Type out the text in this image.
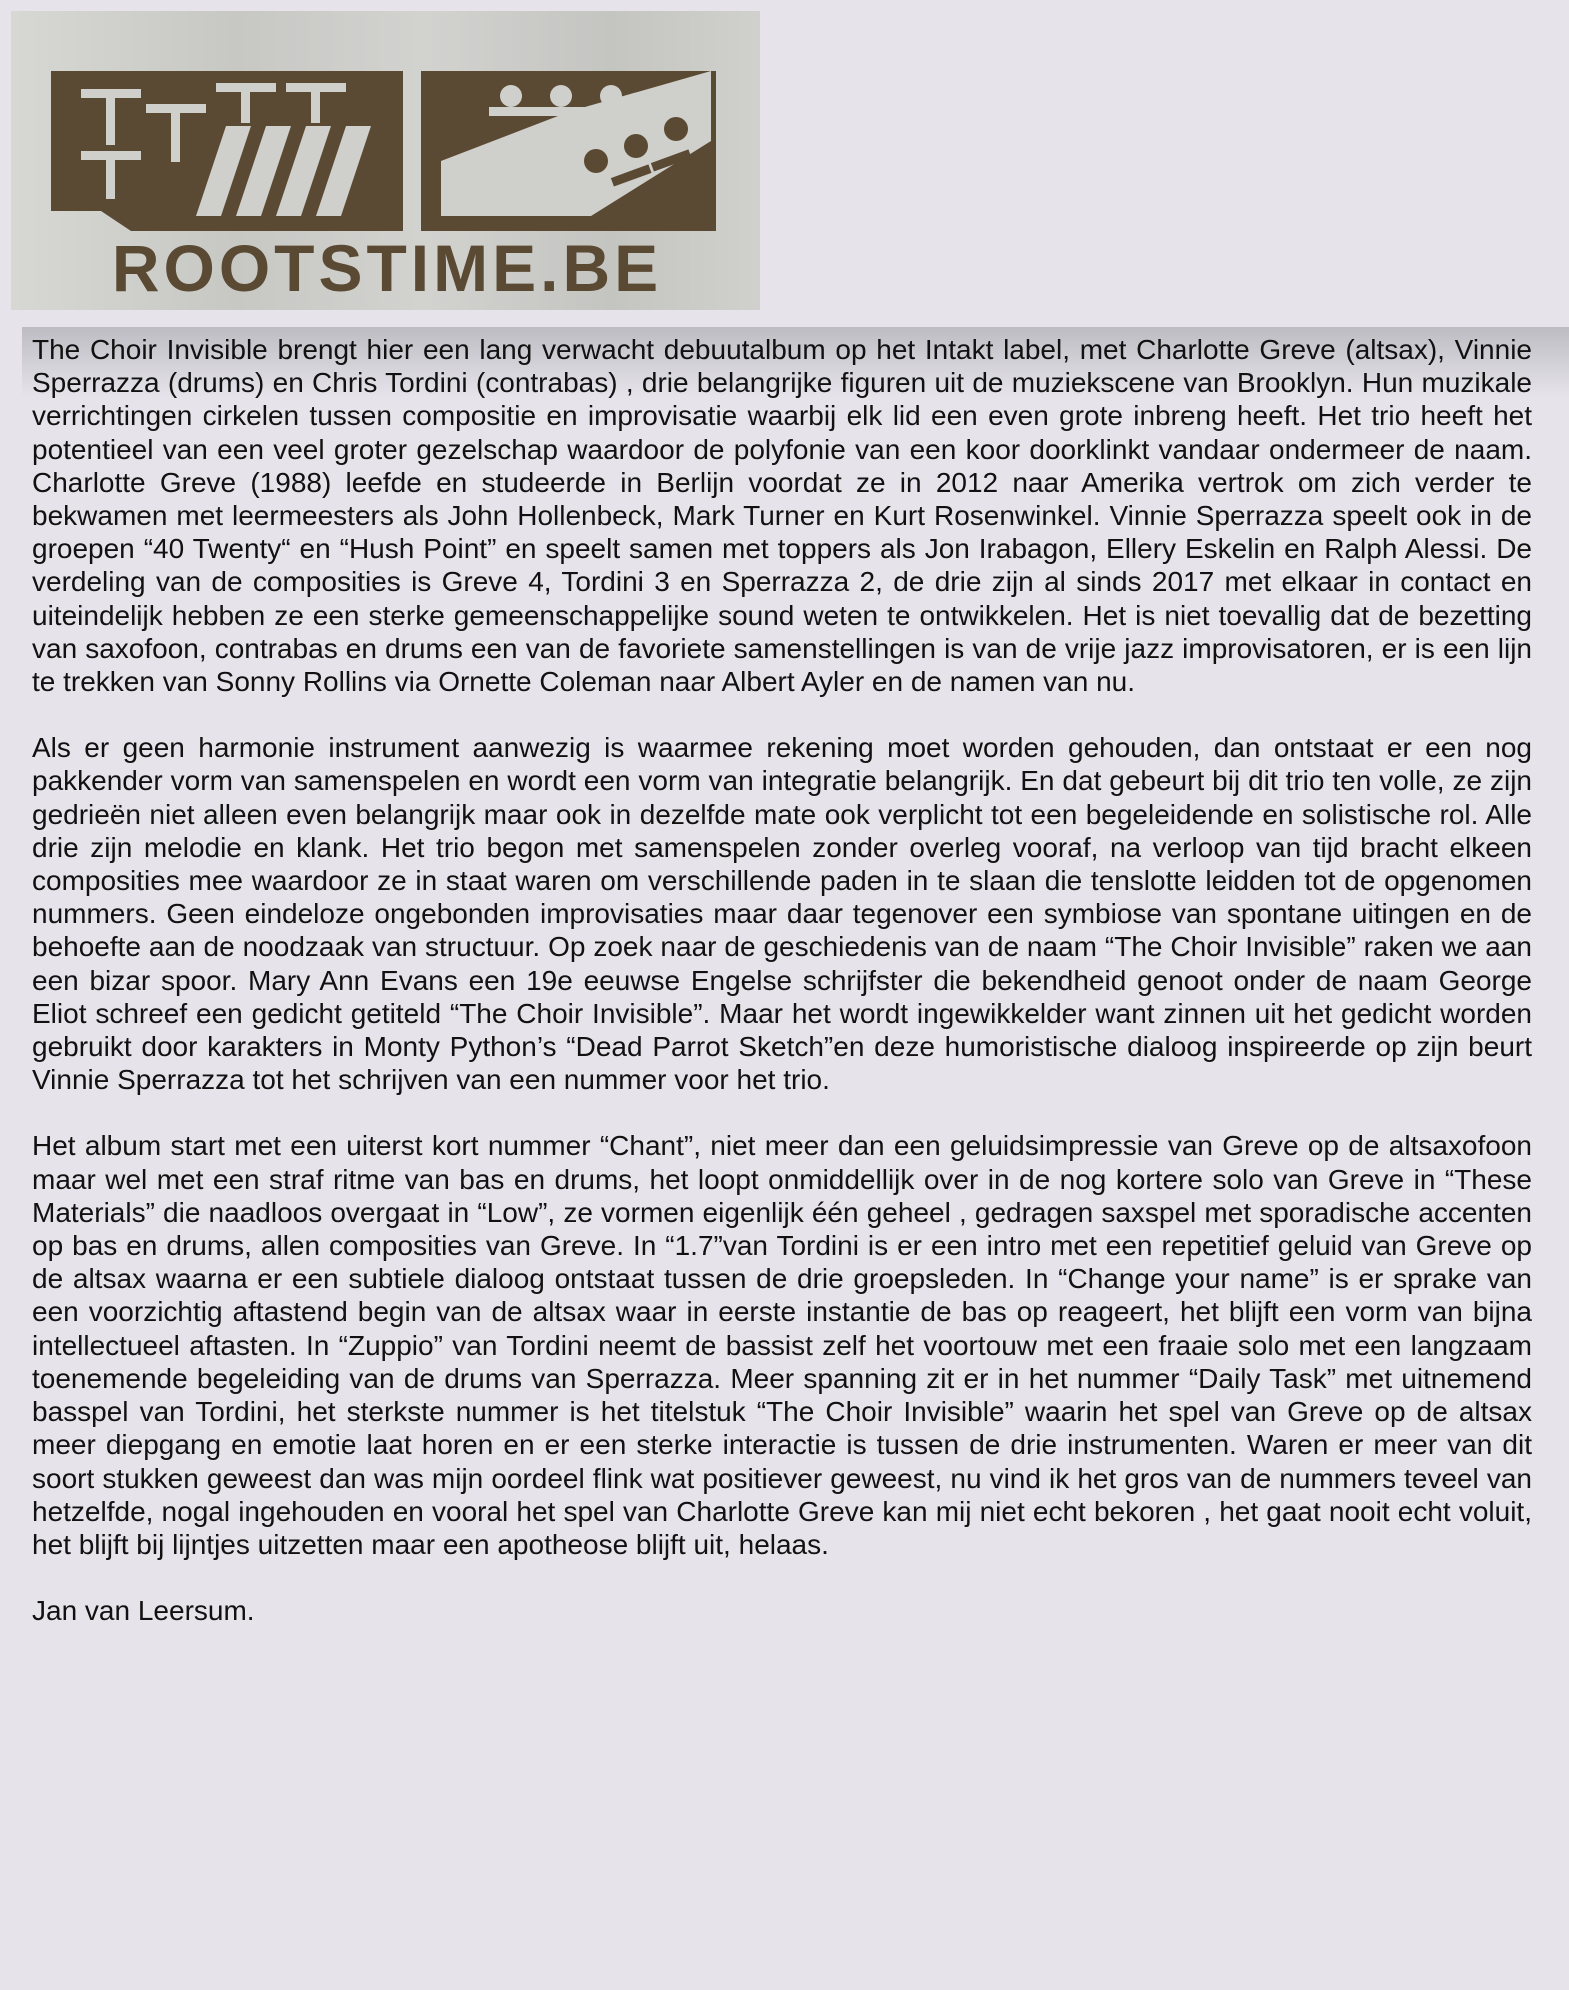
ROOTSTIME.BE

The Choir Invisible brengt hier een lang verwacht debuutalbum op het Intakt label, met Charlotte Greve (altsax), Vinnie Sperrazza (drums) en Chris Tordini (contrabas) , drie belangrijke figuren uit de muziekscene van Brooklyn. Hun muzikale verrichtingen cirkelen tussen compositie en improvisatie waarbij elk lid een even grote inbreng heeft. Het trio heeft het potentieel van een veel groter gezelschap waardoor de polyfonie van een koor doorklinkt vandaar ondermeer de naam. Charlotte Greve (1988) leefde en studeerde in Berlijn voordat ze in 2012 naar Amerika vertrok om zich verder te bekwamen met leermeesters als John Hollenbeck, Mark Turner en Kurt Rosenwinkel. Vinnie Sperrazza speelt ook in de groepen “40 Twenty“ en “Hush Point” en speelt samen met toppers als Jon Irabagon, Ellery Eskelin en Ralph Alessi. De verdeling van de composities is Greve 4, Tordini 3 en Sperrazza 2, de drie zijn al sinds 2017 met elkaar in contact en uiteindelijk hebben ze een sterke gemeenschappelijke sound weten te ontwikkelen. Het is niet toevallig dat de bezetting van saxofoon, contrabas en drums een van de favoriete samenstellingen is van de vrije jazz improvisatoren, er is een lijn te trekken van Sonny Rollins via Ornette Coleman naar Albert Ayler en de namen van nu.

Als er geen harmonie instrument aanwezig is waarmee rekening moet worden gehouden, dan ontstaat er een nog pakkender vorm van samenspelen en wordt een vorm van integratie belangrijk. En dat gebeurt bij dit trio ten volle, ze zijn gedrieën niet alleen even belangrijk maar ook in dezelfde mate ook verplicht tot een begeleidende en solistische rol. Alle drie zijn melodie en klank. Het trio begon met samenspelen zonder overleg vooraf, na verloop van tijd bracht elkeen composities mee waardoor ze in staat waren om verschillende paden in te slaan die tenslotte leidden tot de opgenomen nummers. Geen eindeloze ongebonden improvisaties maar daar tegenover een symbiose van spontane uitingen en de behoefte aan de noodzaak van structuur. Op zoek naar de geschiedenis van de naam “The Choir Invisible” raken we aan een bizar spoor. Mary Ann Evans een 19e eeuwse Engelse schrijfster die bekendheid genoot onder de naam George Eliot schreef een gedicht getiteld “The Choir Invisible”. Maar het wordt ingewikkelder want zinnen uit het gedicht worden gebruikt door karakters in Monty Python’s “Dead Parrot Sketch”en deze humoristische dialoog inspireerde op zijn beurt Vinnie Sperrazza tot het schrijven van een nummer voor het trio.

Het album start met een uiterst kort nummer “Chant”, niet meer dan een geluidsimpressie van Greve op de altsaxofoon maar wel met een straf ritme van bas en drums, het loopt onmiddellijk over in de nog kortere solo van Greve in “These Materials” die naadloos overgaat in “Low”, ze vormen eigenlijk één geheel , gedragen saxspel met sporadische accenten op bas en drums, allen composities van Greve. In “1.7”van Tordini is er een intro met een repetitief geluid van Greve op de altsax waarna er een subtiele dialoog ontstaat tussen de drie groepsleden. In “Change your name” is er sprake van een voorzichtig aftastend begin van de altsax waar in eerste instantie de bas op reageert, het blijft een vorm van bijna intellectueel aftasten. In “Zuppio” van Tordini neemt de bassist zelf het voortouw met een fraaie solo met een langzaam toenemende begeleiding van de drums van Sperrazza. Meer spanning zit er in het nummer “Daily Task” met uitnemend basspel van Tordini, het sterkste nummer is het titelstuk “The Choir Invisible” waarin het spel van Greve op de altsax meer diepgang en emotie laat horen en er een sterke interactie is tussen de drie instrumenten. Waren er meer van dit soort stukken geweest dan was mijn oordeel flink wat positiever geweest, nu vind ik het gros van de nummers teveel van hetzelfde, nogal ingehouden en vooral het spel van Charlotte Greve kan mij niet echt bekoren , het gaat nooit echt voluit, het blijft bij lijntjes uitzetten maar een apotheose blijft uit, helaas.

Jan van Leersum.
